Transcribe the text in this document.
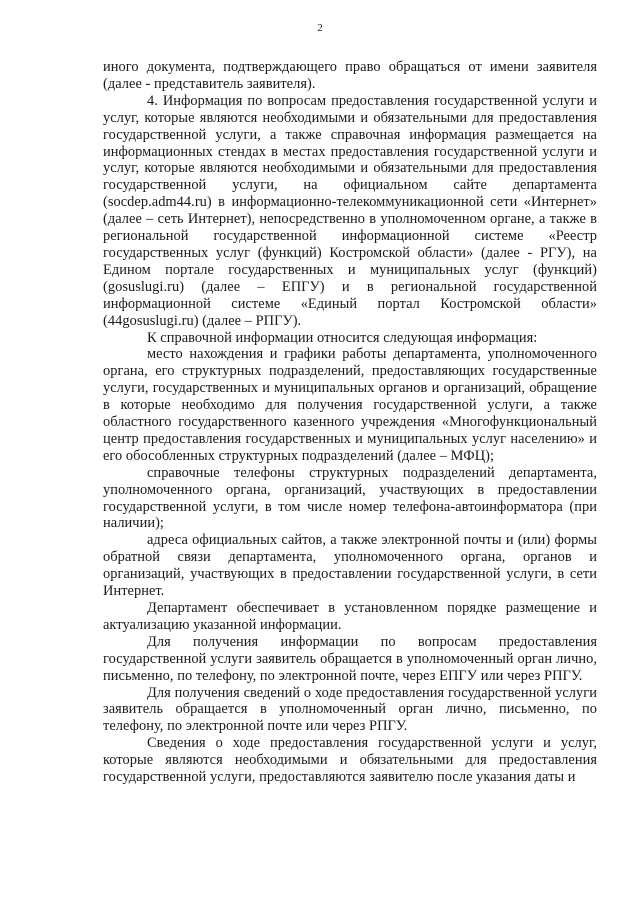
2

иного документа, подтверждающего право обращаться от имени заявителя (далее - представитель заявителя).

4. Информация по вопросам предоставления государственной услуги и услуг, которые являются необходимыми и обязательными для предоставления государственной услуги, а также справочная информация размещается на информационных стендах в местах предоставления государственной услуги и услуг, которые являются необходимыми и обязательными для предоставления государственной услуги, на официальном сайте департамента (socdep.adm44.ru) в информационно-телекоммуникационной сети «Интернет» (далее – сеть Интернет), непосредственно в уполномоченном органе, а также в региональной государственной информационной системе «Реестр государственных услуг (функций) Костромской области» (далее - РГУ), на Едином портале государственных и муниципальных услуг (функций) (gosuslugi.ru) (далее – ЕПГУ) и в региональной государственной информационной системе «Единый портал Костромской области» (44gosuslugi.ru) (далее – РПГУ).

К справочной информации относится следующая информация:

место нахождения и графики работы департамента, уполномоченного органа, его структурных подразделений, предоставляющих государственные услуги, государственных и муниципальных органов и организаций, обращение в которые необходимо для получения государственной услуги, а также областного государственного казенного учреждения «Многофункциональный центр предоставления государственных и муниципальных услуг населению» и его обособленных структурных подразделений (далее – МФЦ);

справочные телефоны структурных подразделений департамента, уполномоченного органа, организаций, участвующих в предоставлении государственной услуги, в том числе номер телефона-автоинформатора (при наличии);

адреса официальных сайтов, а также электронной почты и (или) формы обратной связи департамента, уполномоченного органа, органов и организаций, участвующих в предоставлении государственной услуги, в сети Интернет.

Департамент обеспечивает в установленном порядке размещение и актуализацию указанной информации.

Для получения информации по вопросам предоставления государственной услуги заявитель обращается в уполномоченный орган лично, письменно, по телефону, по электронной почте, через ЕПГУ или через РПГУ.

Для получения сведений о ходе предоставления государственной услуги заявитель обращается в уполномоченный орган лично, письменно, по телефону, по электронной почте или через РПГУ.

Сведения о ходе предоставления государственной услуги и услуг, которые являются необходимыми и обязательными для предоставления государственной услуги, предоставляются заявителю после указания даты и
